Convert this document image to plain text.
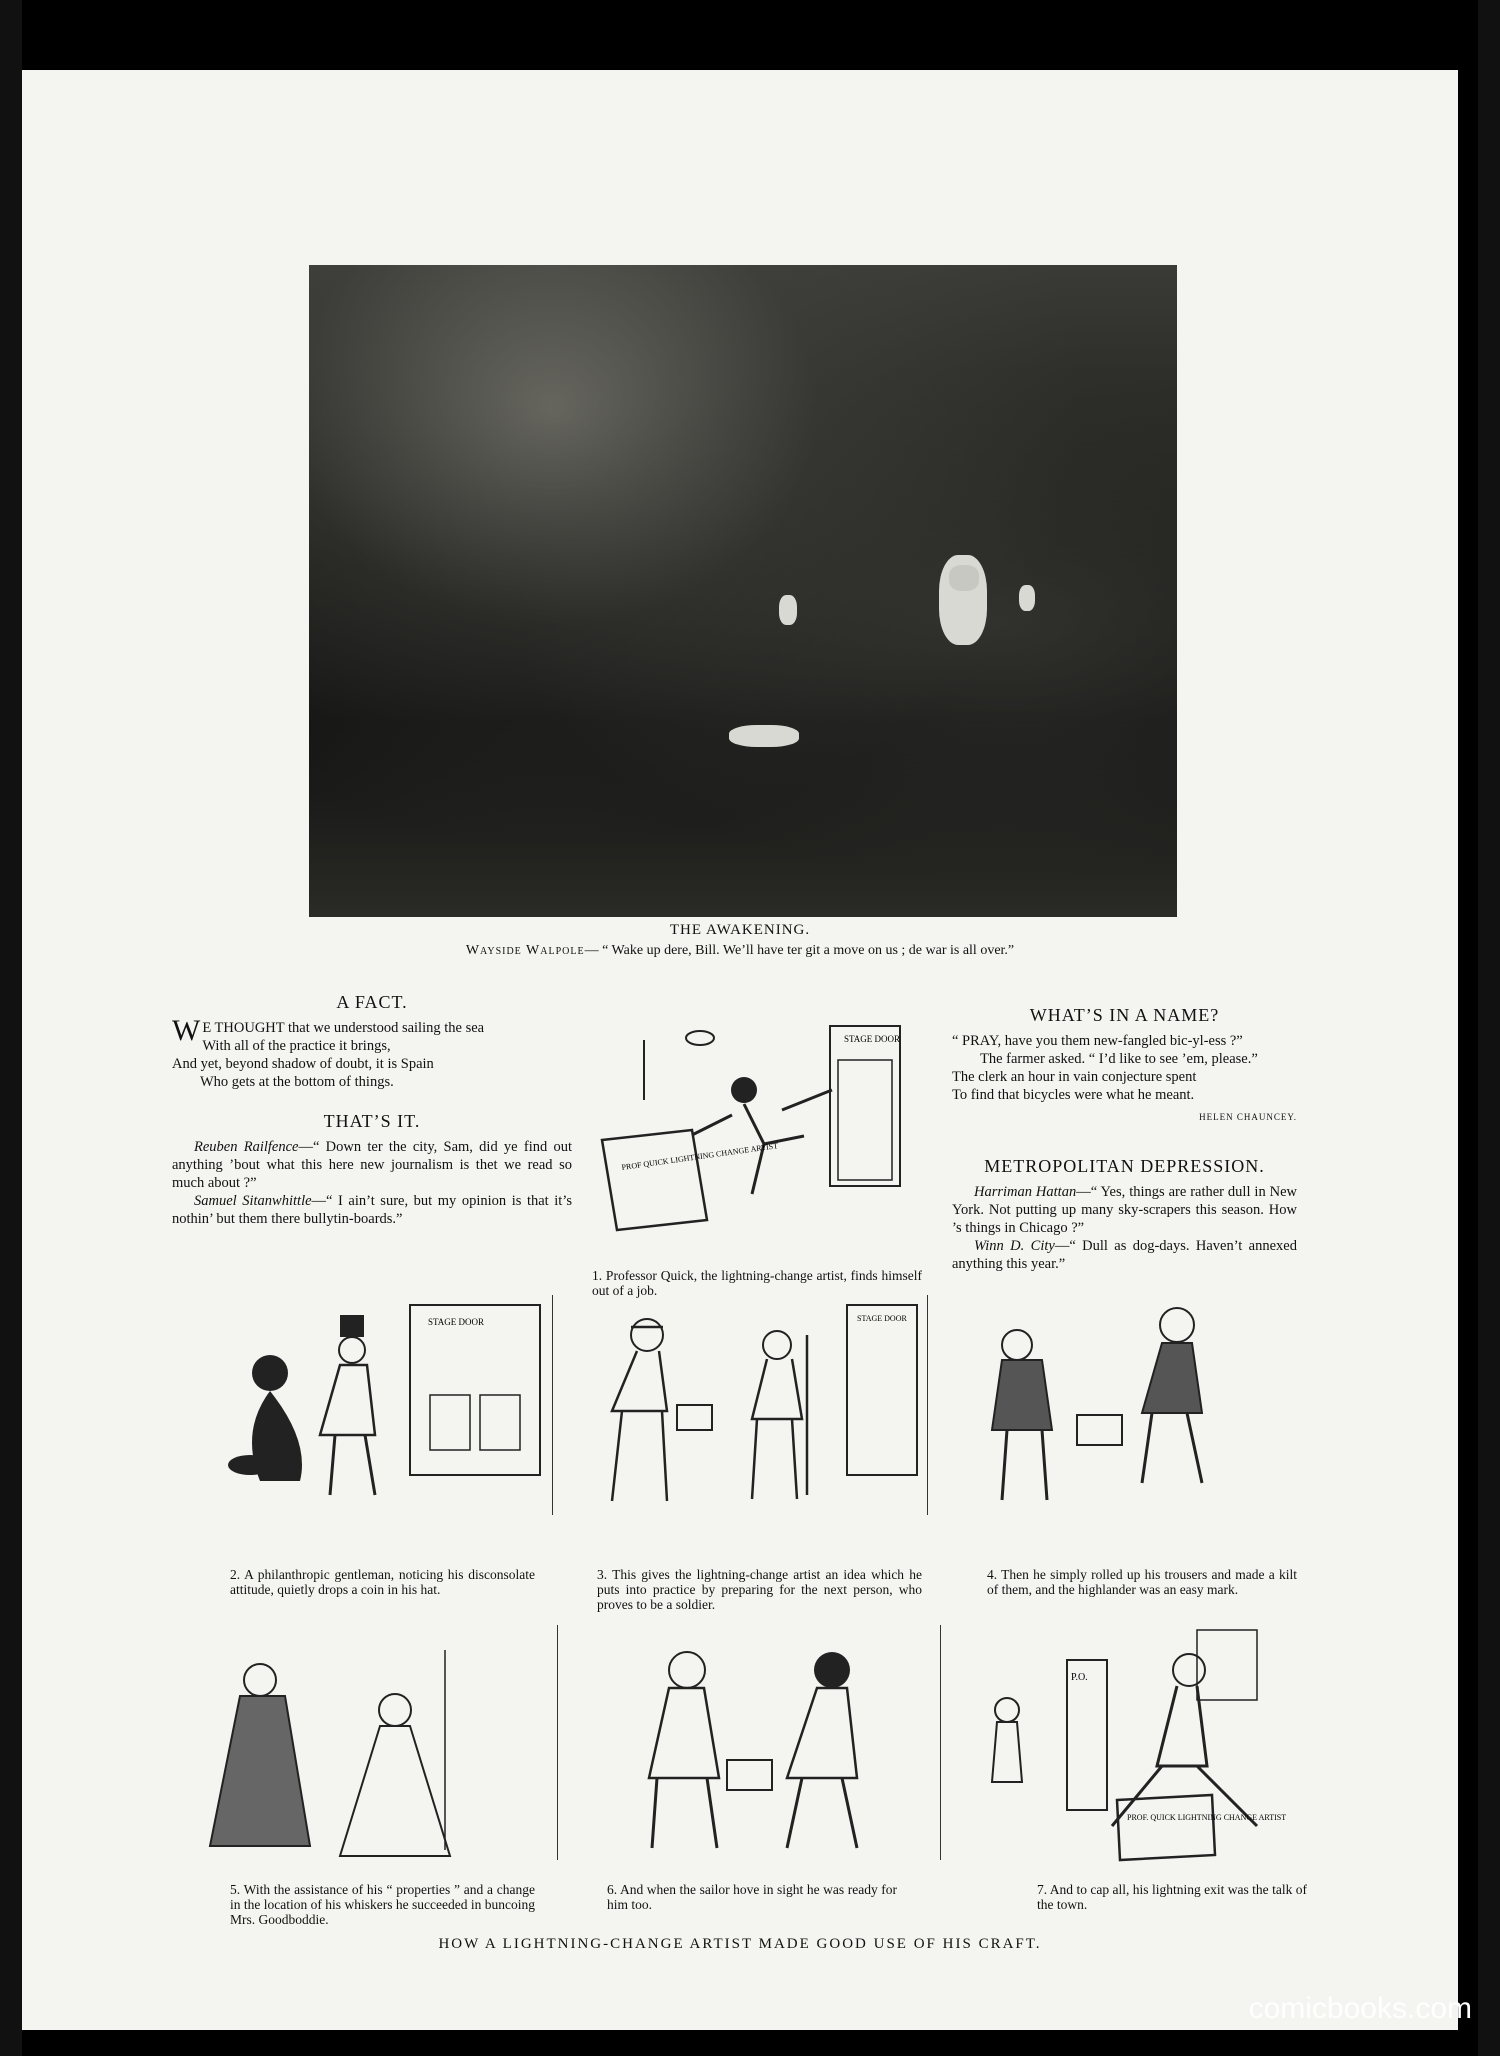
THE AWAKENING.
Wayside Walpole— “ Wake up dere, Bill. We’ll have ter git a move on us ; de war is all over.”
A FACT.
W E THOUGHT that we understood sailing the sea
With all of the practice it brings,
And yet, beyond shadow of doubt, it is Spain
Who gets at the bottom of things.
THAT’S IT.

Reuben Railfence—“ Down ter the city, Sam, did ye find out anything ’bout what this here new journalism is thet we read so much about ?”

Samuel Sitanwhittle—“ I ain’t sure, but my opinion is that it’s nothin’ but them there bullytin-boards.”

STAGE DOOR
PROF QUICK LIGHTNING CHANGE ARTIST
1. Professor Quick, the lightning-change artist, finds himself out of a job.
WHAT’S IN A NAME?
“ PRAY, have you them new-fangled bic-yl-ess ?”
The farmer asked. “ I’d like to see ’em, please.”
The clerk an hour in vain conjecture spent
To find that bicycles were what he meant.
HELEN CHAUNCEY.
METROPOLITAN DEPRESSION.

Harriman Hattan—“ Yes, things are rather dull in New York. Not putting up many sky-scrapers this season. How ’s things in Chicago ?”

Winn D. City—“ Dull as dog-days. Haven’t annexed anything this year.”

STAGE DOOR
2. A philanthropic gentleman, noticing his disconsolate attitude, quietly drops a coin in his hat.
STAGE DOOR
3. This gives the lightning-change artist an idea which he puts into practice by preparing for the next person, who proves to be a soldier.
4. Then he simply rolled up his trousers and made a kilt of them, and the highlander was an easy mark.
5. With the assistance of his “ properties ” and a change in the location of his whiskers he succeeded in buncoing Mrs. Goodboddie.
6. And when the sailor hove in sight he was ready for him too.
P.O.
PROF. QUICK LIGHTNING CHANGE ARTIST
7. And to cap all, his lightning exit was the talk of the town.
HOW A LIGHTNING-CHANGE ARTIST MADE GOOD USE OF HIS CRAFT.
comicbooks.com
